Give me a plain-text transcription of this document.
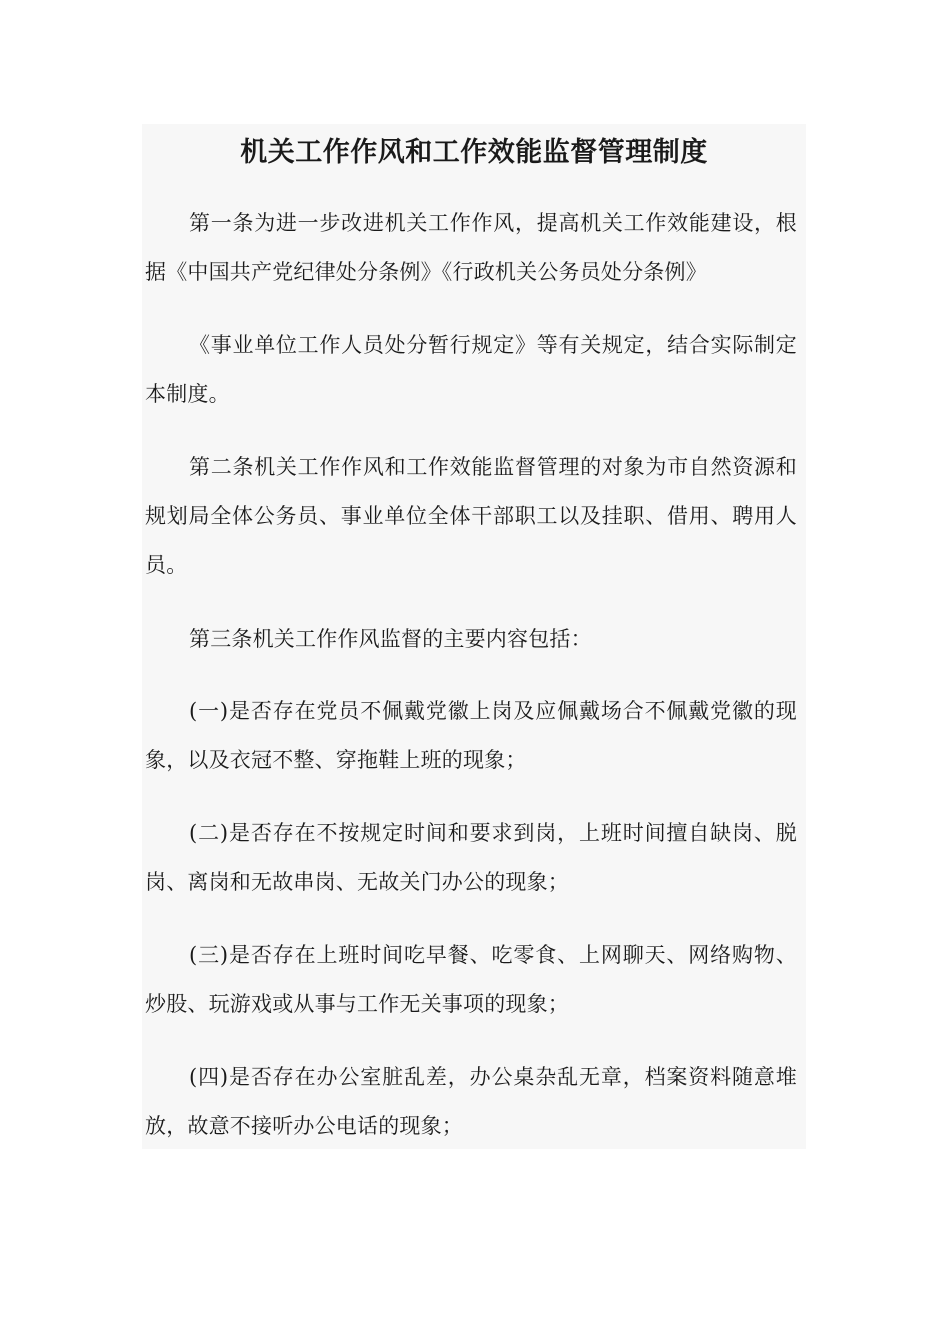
机关工作作风和工作效能监督管理制度

第一条为进一步改进机关工作作风，提高机关工作效能建设，根据《中国共产党纪律处分条例》《行政机关公务员处分条例》

《事业单位工作人员处分暂行规定》等有关规定，结合实际制定本制度。

第二条机关工作作风和工作效能监督管理的对象为市自然资源和规划局全体公务员、事业单位全体干部职工以及挂职、借用、聘用人员。

第三条机关工作作风监督的主要内容包括：

(一)是否存在党员不佩戴党徽上岗及应佩戴场合不佩戴党徽的现象，以及衣冠不整、穿拖鞋上班的现象；

(二)是否存在不按规定时间和要求到岗，上班时间擅自缺岗、脱岗、离岗和无故串岗、无故关门办公的现象；

(三)是否存在上班时间吃早餐、吃零食、上网聊天、网络购物、炒股、玩游戏或从事与工作无关事项的现象；

(四)是否存在办公室脏乱差，办公桌杂乱无章，档案资料随意堆放，故意不接听办公电话的现象；
